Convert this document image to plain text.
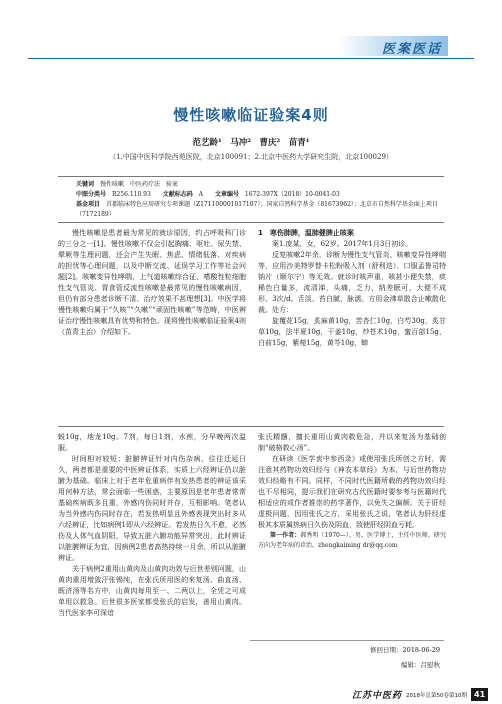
医案医话
慢性咳嗽临证验案4则
范艺龄¹　马冲²　曹庆²　苗青¹
（1.中国中医科学院西苑医院，北京100091；2.北京中医药大学研究生院，北京100029）
关键词 慢性咳嗽　中医药疗法　验案
中图分类号 R256.110.93 文献标志码 A 文章编号 1672-397X（2018）10-0041-03
基金项目 首都临床特色应用研究专项课题（Z171100001017107）；国家自然科学基金（81673962）；北京市自然科学基金面上项目（7172189）

慢性咳嗽是患者最为常见的就诊原因，约占呼吸科门诊的三分之一[1]。慢性咳嗽不仅会引起胸痛、呕吐、尿失禁、晕厥等生理问题，还会产生失眠、焦虑、情绪低落、对疾病的担忧等心理问题，以及中断交流、延误学习工作等社会问题[2]。咳嗽变异性哮喘、上气道咳嗽综合征、嗜酸性粒细胞性支气管炎、胃食管反流性咳嗽是最常见的慢性咳嗽病因，但仍有部分患者诊断不清、治疗效果不甚理想[3]。中医学将慢性咳嗽归属于“久咳”“久嗽”“顽固性咳嗽”等范畴，中医辨证治疗慢性咳嗽具有优势和特色。现将慢性咳嗽临证验案4则（苗青主治）介绍如下。

1　寒伤肺脾，温肺健脾止咳案

案1.庞某，女，62岁。2017年1月3日初诊。

反复咳嗽2年余，诊断为慢性支气管炎、咳嗽变异性哮喘等，应用沙美特罗替卡松粉吸入剂（舒利迭）、口服孟鲁司特钠片（顺尔宁）等无效。就诊时咳声重，咳甚小便失禁，痰稀色白量多，流清涕，头痛，乏力，纳差眠可，大便不成形、3次/d。舌淡、苔白腻，脉濡。方用金沸草散合止嗽散化裁。处方：

旋覆花15g，炙麻黄10g，苦杏仁10g，白芍30g，炙甘草10g，法半夏10g，干姜10g，炒苍术10g，蜜百部15g，白前15g，紫菀15g，黄芩10g，蝉

蜕10g，地龙10g。7剂，每日1剂，水煎，分早晚两次温服。

时间相对较短；脏腑辨证针对内伤杂病，往往迁延日久，两者都是重要的中医辨证体系，实质上六经辨证仍以脏腑为基础。临床上对于老年危重病伴有发热患者的辨证该采用何种方法，常会面临一些困惑，主要原因是老年患者常常基础疾病既多且重，外感内伤同时并存，互相影响。笔者认为当外感内伤同时存在，若发热明显且外感表现突出时多从六经辨证，比如病例1即从六经辨证。若发热日久不愈，必然伤及人体气血阴阳，导致五脏六腑功能异常突出，此时辨证以脏腑辨证为宜，因病例2患者高热持续一月余，所以从脏腑辨证。

关于病例2重用山黄肉及山黄肉功效与后世差别问题，山黄肉重用增敛汗张锡纯，在张氏所用医的来复汤、曲直汤、既济汤等名方中，山黄肉每用至一、二两以上，全凭之可成单用以救急。后世很多医家都受张氏的启发，善用山黄肉。当代医家李可深谙

张氏精髓，擅长重用山黄肉救危急，并以来复汤为基础创制“破格救心汤”。

在研读《医学衷中参西录》或使用张氏所创之方时，需注意其药物功效归经与《神农本草经》为本，与后世药物功效归经略有不同。同样，不同时代医籍所载的药物功效归经也不尽相同，提示我们在研究古代医籍时要参考与医籍时代相适应的或作者推崇的药学著作，以免失之偏颇。关于肝经虚极问题，因用张氏之方，采用张氏之说，笔者认为肝经虚极其本质属热病日久伤及阴血，致使肝经阴血亏耗。

第一作者：郝秀明（1970—），男，医学博士，主任中医师。研究方向为老年病的诊治。zhengkaiming dr@qq.com

修回日期：2018-06-29
编辑：吕慰秋
江苏中医药 2018年总第50卷第10期 41
